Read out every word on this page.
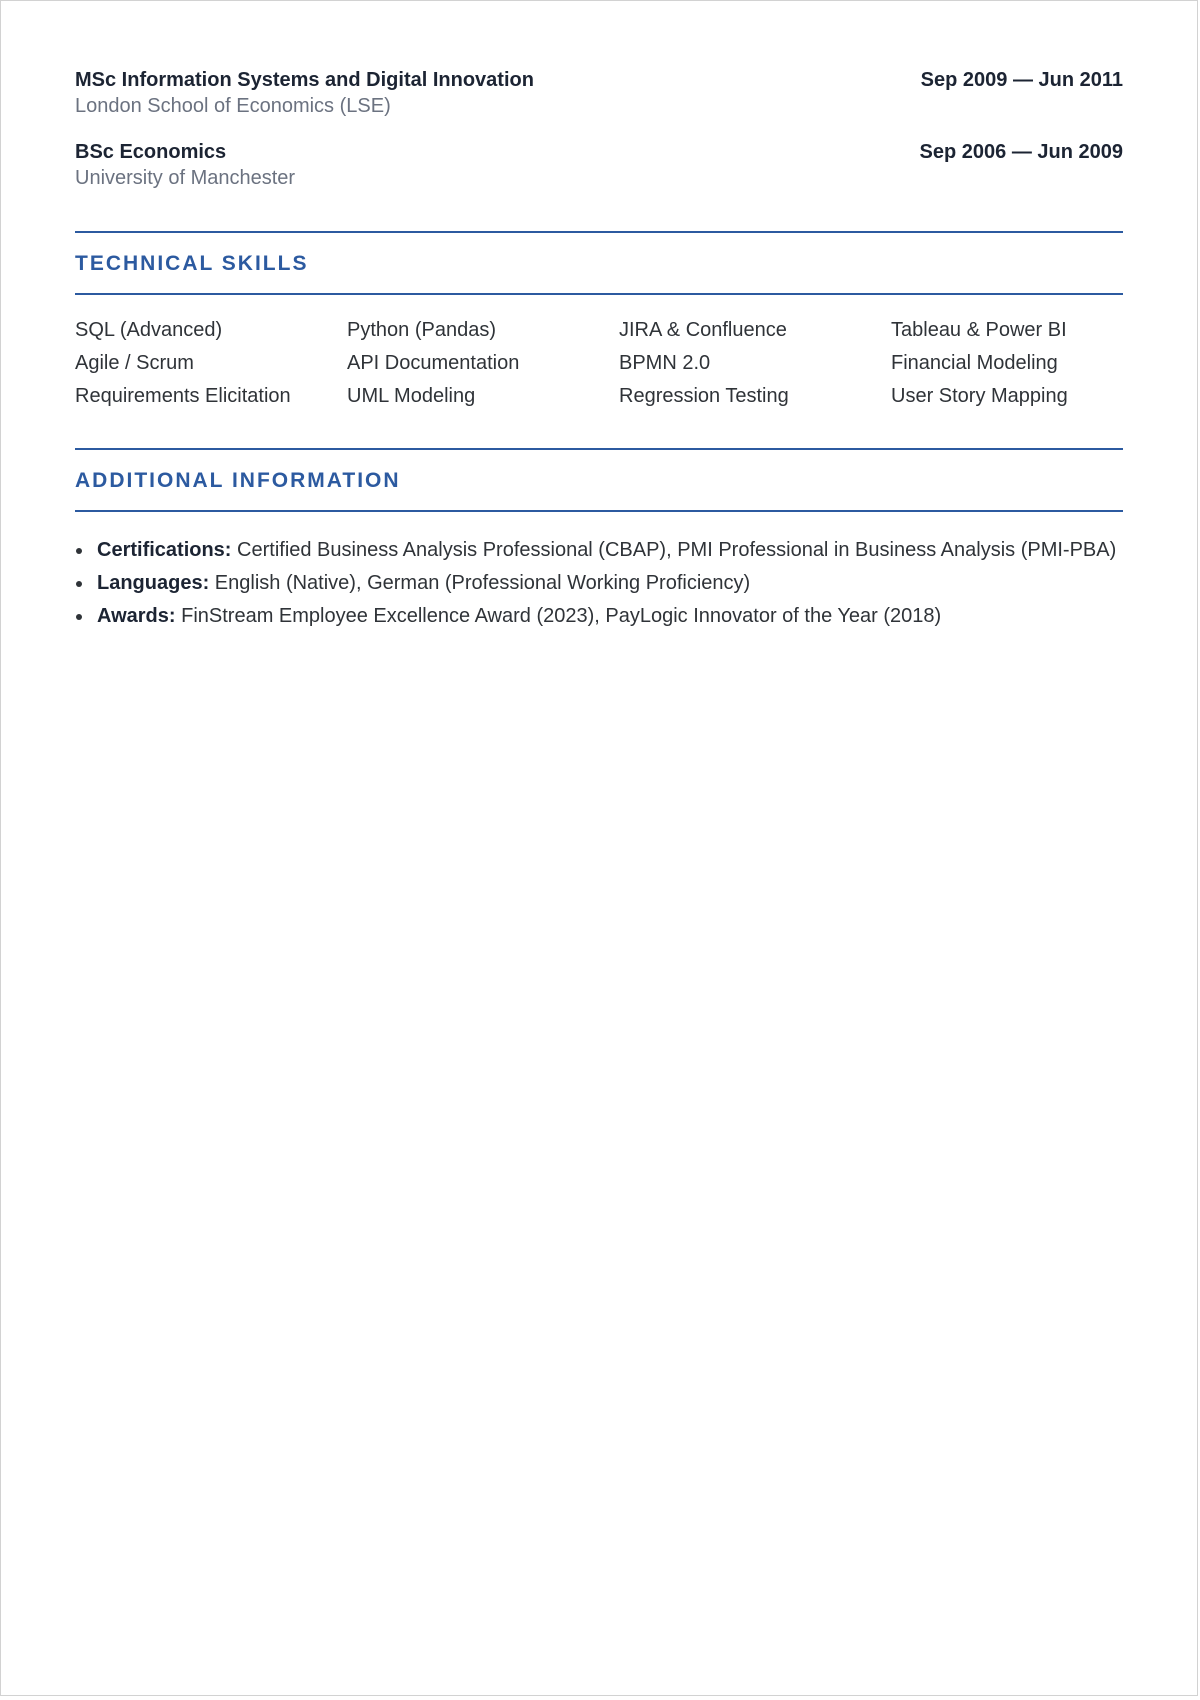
MSc Information Systems and Digital Innovation
London School of Economics (LSE)
Sep 2009 — Jun 2011
BSc Economics
University of Manchester
Sep 2006 — Jun 2009
TECHNICAL SKILLS
SQL (Advanced)	Python (Pandas)	JIRA & Confluence	Tableau & Power BI
Agile / Scrum	API Documentation	BPMN 2.0	Financial Modeling
Requirements Elicitation	UML Modeling	Regression Testing	User Story Mapping
ADDITIONAL INFORMATION
Certifications: Certified Business Analysis Professional (CBAP), PMI Professional in Business Analysis (PMI-PBA)
Languages: English (Native), German (Professional Working Proficiency)
Awards: FinStream Employee Excellence Award (2023), PayLogic Innovator of the Year (2018)
